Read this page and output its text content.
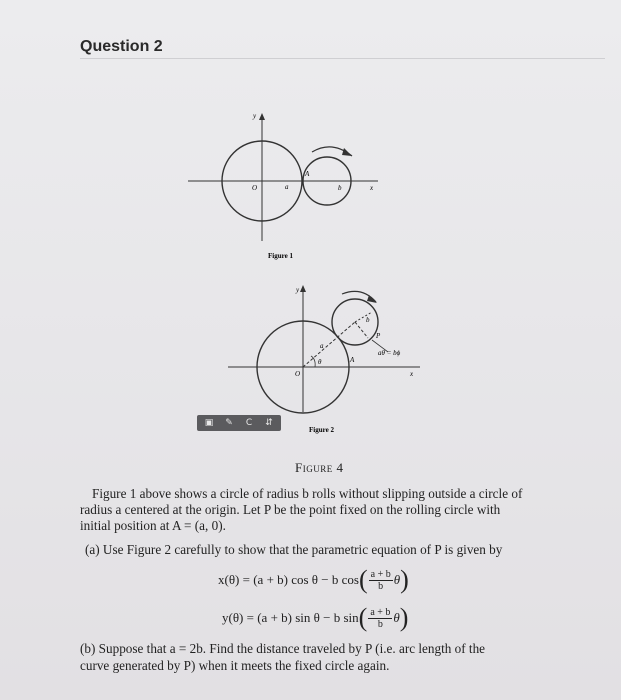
Question 2
y
O	a
A
b	x
Figure 1
y
O
a
θ	A
b
P
aθ = bϕ
x
Figure 2
▣	✎	C	⇵
Figure 4
Figure 1 above shows a circle of radius b rolls without slipping outside a circle of
radius a centered at the origin. Let P be the point fixed on the rolling circle with
initial position at A = (a, 0).
(a) Use Figure 2 carefully to show that the parametric equation of P is given by
x(θ) = (a + b) cos θ − b cos ( $\frac{a + b}{b}$ θ )
y(θ) = (a + b) sin θ − b sin ( $\frac{a + b}{b}$ θ )
(b) Suppose that a = 2b. Find the distance traveled by P (i.e. arc length of the
curve generated by P) when it meets the fixed circle again.
